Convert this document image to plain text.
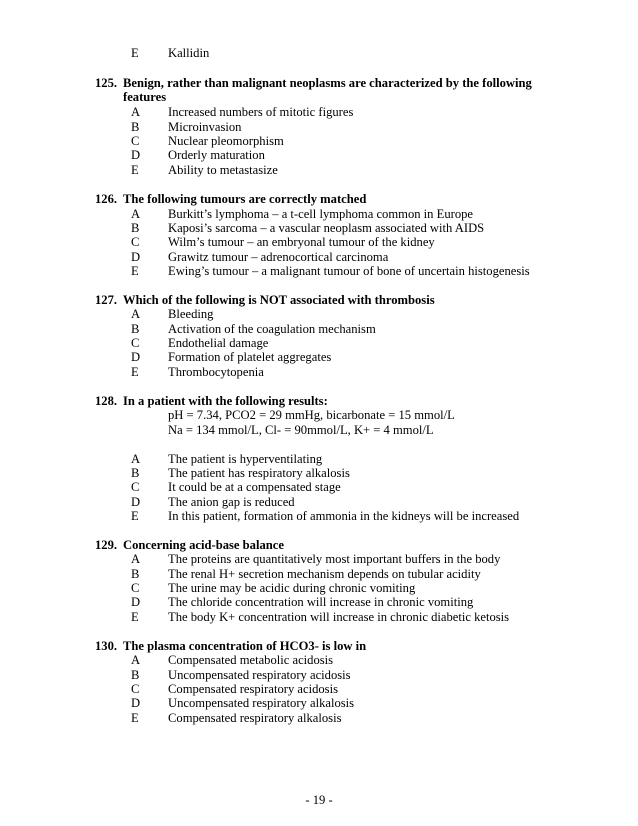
E Kallidin
125. Benign, rather than malignant neoplasms are characterized by the following features
A Increased numbers of mitotic figures
B Microinvasion
C Nuclear pleomorphism
D Orderly maturation
E Ability to metastasize
126. The following tumours are correctly matched
A Burkitt’s lymphoma – a t-cell lymphoma common in Europe
B Kaposi’s sarcoma – a vascular neoplasm associated with AIDS
C Wilm’s tumour – an embryonal tumour of the kidney
D Grawitz tumour – adrenocortical carcinoma
E Ewing’s tumour – a malignant tumour of bone of uncertain histogenesis
127. Which of the following is NOT associated with thrombosis
A Bleeding
B Activation of the coagulation mechanism
C Endothelial damage
D Formation of platelet aggregates
E Thrombocytopenia
128. In a patient with the following results:
pH = 7.34, PCO2 = 29 mmHg, bicarbonate = 15 mmol/L
Na = 134 mmol/L, Cl- = 90mmol/L, K+ = 4 mmol/L
A The patient is hyperventilating
B The patient has respiratory alkalosis
C It could be at a compensated stage
D The anion gap is reduced
E In this patient, formation of ammonia in the kidneys will be increased
129. Concerning acid-base balance
A The proteins are quantitatively most important buffers in the body
B The renal H+ secretion mechanism depends on tubular acidity
C The urine may be acidic during chronic vomiting
D The chloride concentration will increase in chronic vomiting
E The body K+ concentration will increase in chronic diabetic ketosis
130. The plasma concentration of HCO3- is low in
A Compensated metabolic acidosis
B Uncompensated respiratory acidosis
C Compensated respiratory acidosis
D Uncompensated respiratory alkalosis
E Compensated respiratory alkalosis
- 19 -
